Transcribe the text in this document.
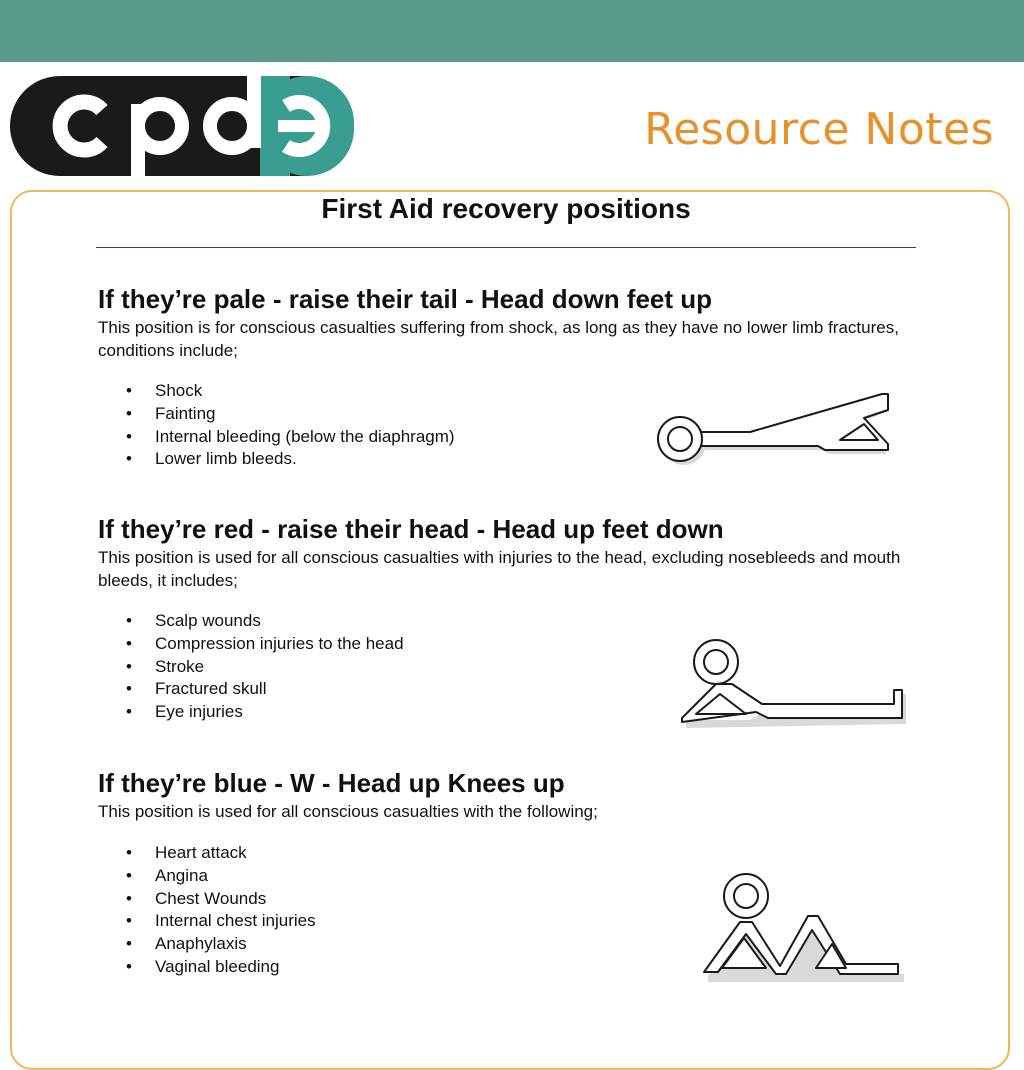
Resource Notes
First Aid recovery positions
If they’re pale - raise their tail - Head down feet up
This position is for conscious casualties suffering from shock, as long as they have no lower limb fractures, conditions include;
• Shock
• Fainting
• Internal bleeding (below the diaphragm)
• Lower limb bleeds.
If they’re red - raise their head - Head up feet down
This position is used for all conscious casualties with injuries to the head, excluding nosebleeds and mouth bleeds, it includes;
• Scalp wounds
• Compression injuries to the head
• Stroke
• Fractured skull
• Eye injuries
If they’re blue - W - Head up Knees up
This position is used for all conscious casualties with the following;
• Heart attack
• Angina
• Chest Wounds
• Internal chest injuries
• Anaphylaxis
• Vaginal bleeding
